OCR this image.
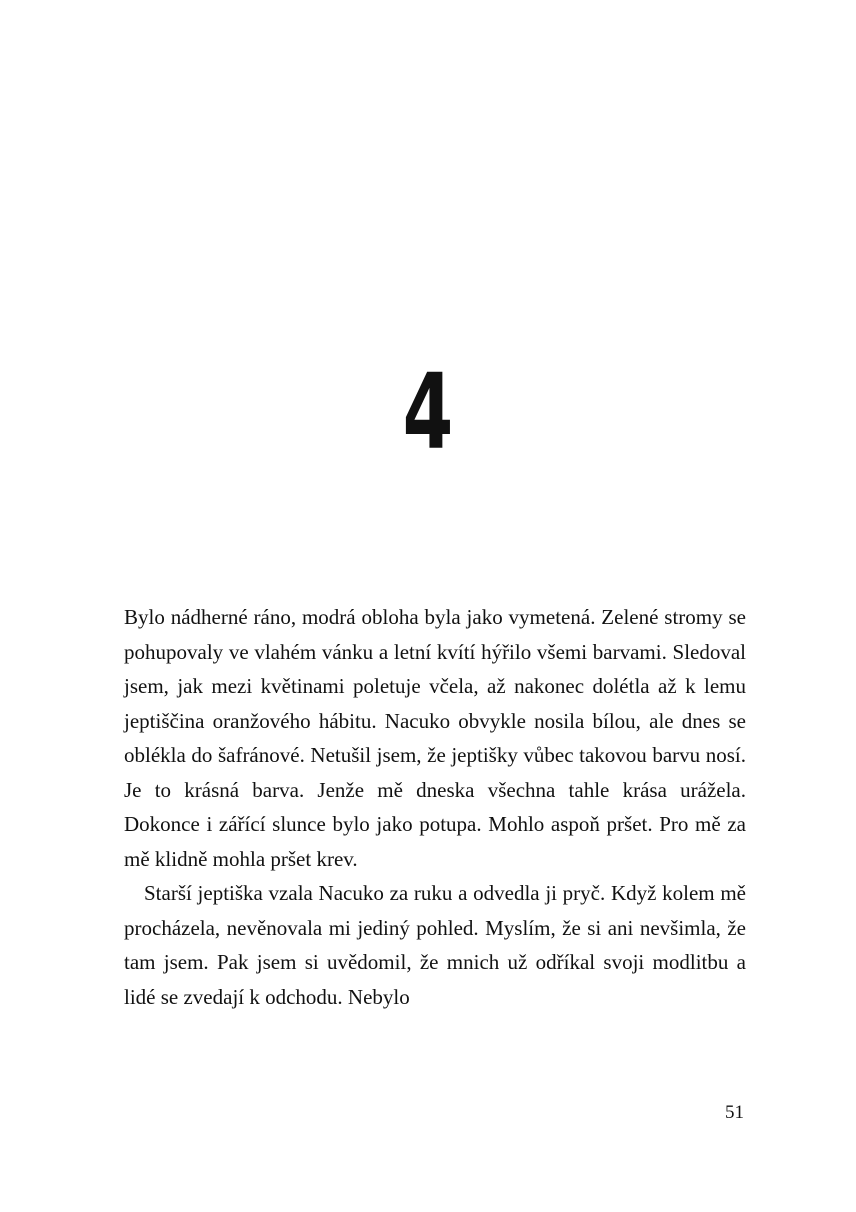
4

Bylo nádherné ráno, modrá obloha byla jako vymetená. Zelené stromy se pohupovaly ve vlahém vánku a letní kvítí hýřilo všemi barvami. Sledoval jsem, jak mezi květinami poletuje včela, až nakonec dolétla až k lemu jeptiščina oranžového hábitu. Nacuko obvykle nosila bílou, ale dnes se oblékla do šafránové. Netušil jsem, že jeptišky vůbec takovou barvu nosí. Je to krásná barva. Jenže mě dneska všechna tahle krása urážela. Dokonce i zářící slunce bylo jako potupa. Mohlo aspoň pršet. Pro mě za mě klidně mohla pršet krev.

Starší jeptiška vzala Nacuko za ruku a odvedla ji pryč. Když kolem mě procházela, nevěnovala mi jediný pohled. Myslím, že si ani nevšimla, že tam jsem. Pak jsem si uvědomil, že mnich už odříkal svoji modlitbu a lidé se zvedají k odchodu. Nebylo

51
